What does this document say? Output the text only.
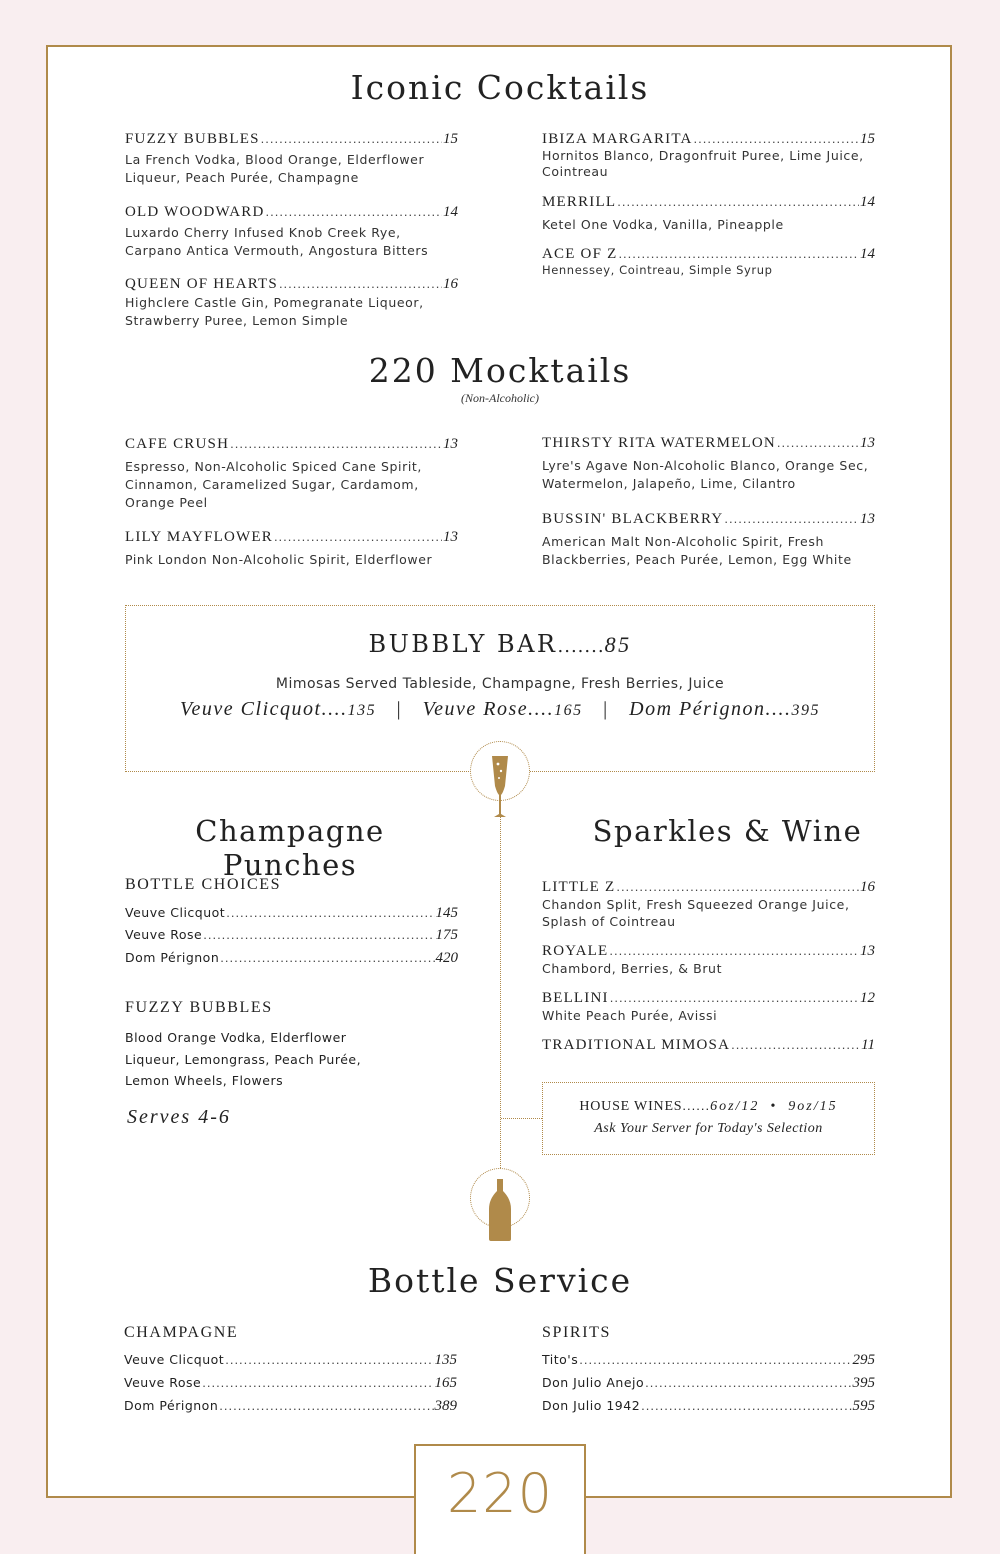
Iconic Cocktails
FUZZY BUBBLES .....	15
La French Vodka, Blood Orange, Elderflower Liqueur, Peach Purée, Champagne
OLD WOODWARD .....	14
Luxardo Cherry Infused Knob Creek Rye, Carpano Antica Vermouth, Angostura Bitters
QUEEN OF HEARTS .....	16
Highclere Castle Gin, Pomegranate Liqueor, Strawberry Puree, Lemon Simple
IBIZA MARGARITA .....	15
Hornitos Blanco, Dragonfruit Puree, Lime Juice, Cointreau
MERRILL .....	14
Ketel One Vodka, Vanilla, Pineapple
ACE OF Z .....	14
Hennessey, Cointreau, Simple Syrup
220 Mocktails
(Non-Alcoholic)
CAFE CRUSH .....	13
Espresso, Non-Alcoholic Spiced Cane Spirit, Cinnamon, Caramelized Sugar, Cardamom, Orange Peel
LILY MAYFLOWER .....	13
Pink London Non-Alcoholic Spirit, Elderflower
THIRSTY RITA WATERMELON .....	13
Lyre's Agave Non-Alcoholic Blanco, Orange Sec, Watermelon, Jalapeño, Lime, Cilantro
BUSSIN' BLACKBERRY .....	13
American Malt Non-Alcoholic Spirit, Fresh Blackberries, Peach Purée, Lemon, Egg White
BUBBLY BAR.......85
Mimosas Served Tableside, Champagne, Fresh Berries, Juice
Veuve Clicquot....135 | Veuve Rose....165 | Dom Pérignon....395
Champagne Punches
BOTTLE CHOICES
Veuve Clicquot .....	145
Veuve Rose .....	175
Dom Pérignon .....	420
FUZZY BUBBLES
Blood Orange Vodka, Elderflower Liqueur, Lemongrass, Peach Purée, Lemon Wheels, Flowers
Serves 4-6
Sparkles & Wine
LITTLE Z .....	16
Chandon Split, Fresh Squeezed Orange Juice, Splash of Cointreau
ROYALE .....	13
Chambord, Berries, & Brut
BELLINI .....	12
White Peach Purée, Avissi
TRADITIONAL MIMOSA .....	11
HOUSE WINES......6oz/12  •  9oz/15
Ask Your Server for Today's Selection
Bottle Service
CHAMPAGNE
Veuve Clicquot .....	135
Veuve Rose .....	165
Dom Pérignon .....	389
SPIRITS
Tito's .....	295
Don Julio Anejo .....	395
Don Julio 1942 .....	595
220
